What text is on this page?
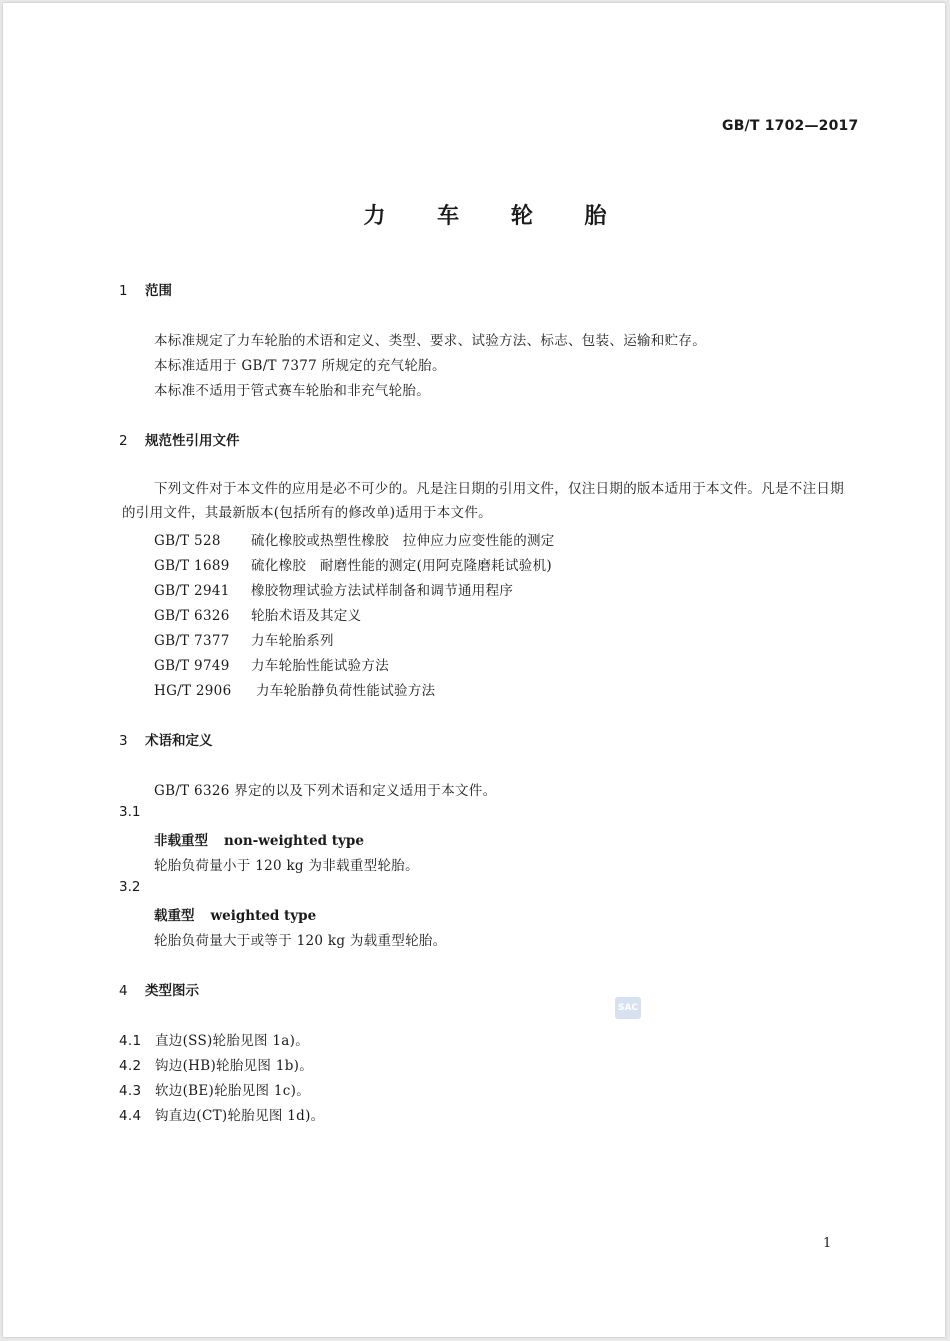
GB/T 1702—2017
力 车 轮 胎
1 范围
本标准规定了力车轮胎的术语和定义、类型、要求、试验方法、标志、包装、运输和贮存。
本标准适用于 GB/T 7377 所规定的充气轮胎。
本标准不适用于管式赛车轮胎和非充气轮胎。
2 规范性引用文件
下列文件对于本文件的应用是必不可少的。凡是注日期的引用文件，仅注日期的版本适用于本文件。凡是不注日期的引用文件，其最新版本(包括所有的修改单)适用于本文件。
GB/T 528 硫化橡胶或热塑性橡胶　拉伸应力应变性能的测定
GB/T 1689 硫化橡胶　耐磨性能的测定(用阿克隆磨耗试验机)
GB/T 2941 橡胶物理试验方法试样制备和调节通用程序
GB/T 6326 轮胎术语及其定义
GB/T 7377 力车轮胎系列
GB/T 9749 力车轮胎性能试验方法
HG/T 2906 力车轮胎静负荷性能试验方法
3 术语和定义
GB/T 6326 界定的以及下列术语和定义适用于本文件。
3.1
非载重型 non-weighted type
轮胎负荷量小于 120 kg 为非载重型轮胎。
3.2
载重型 weighted type
轮胎负荷量大于或等于 120 kg 为载重型轮胎。
4 类型图示
SAC
4.1 直边(SS)轮胎见图 1a)。
4.2 钩边(HB)轮胎见图 1b)。
4.3 软边(BE)轮胎见图 1c)。
4.4 钩直边(CT)轮胎见图 1d)。
1
